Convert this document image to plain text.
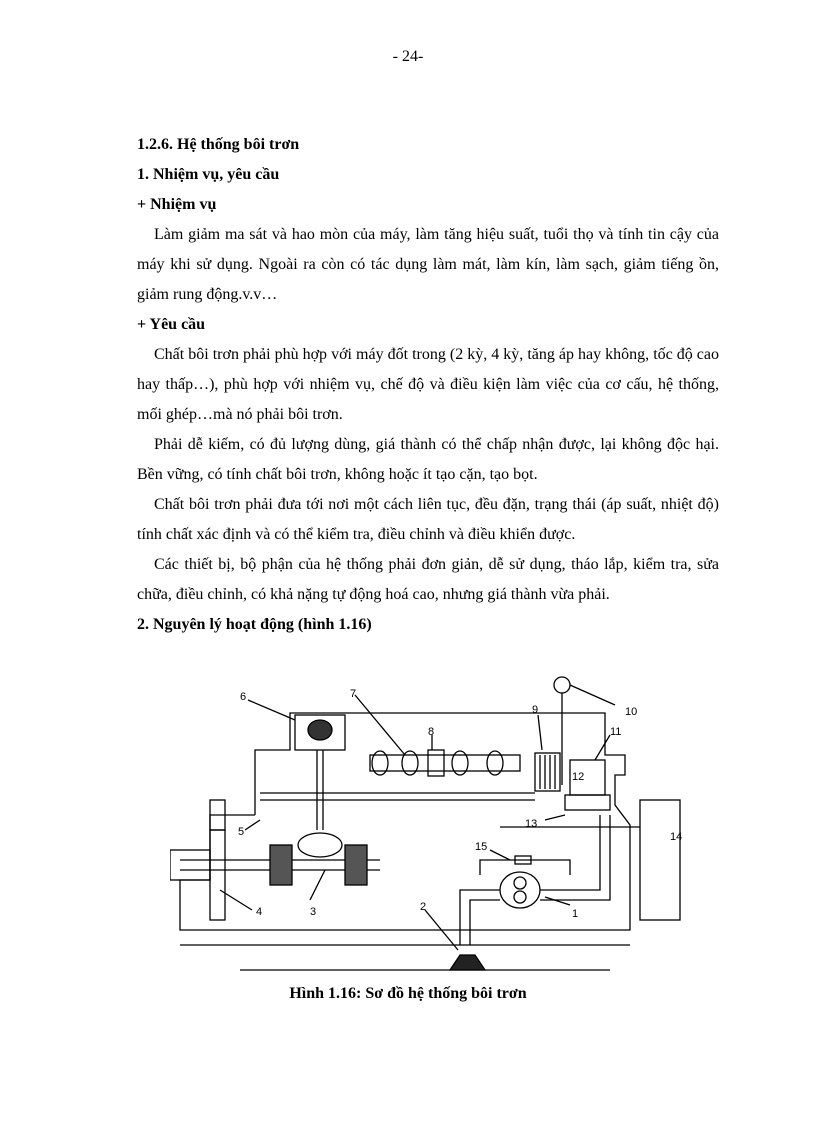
- 24-

1.2.6. Hệ thống bôi trơn

1. Nhiệm vụ, yêu cầu

+ Nhiệm vụ

Làm giảm ma sát và hao mòn của máy, làm tăng hiệu suất, tuổi thọ và tính tin cậy của máy khi sử dụng. Ngoài ra còn có tác dụng làm mát, làm kín, làm sạch, giảm tiếng ồn, giảm rung động.v.v…

+ Yêu cầu

Chất bôi trơn phải phù hợp với máy đốt trong (2 kỳ, 4 kỳ, tăng áp hay không, tốc độ cao hay thấp…), phù hợp với nhiệm vụ, chế độ và điều kiện làm việc của cơ cấu, hệ thống, mối ghép…mà nó phải bôi trơn.

Phải dễ kiếm, có đủ lượng dùng, giá thành có thể chấp nhận được, lại không độc hại. Bền vững, có tính chất bôi trơn, không hoặc ít tạo cặn, tạo bọt.

Chất bôi trơn phải đưa tới nơi một cách liên tục, đều đặn, trạng thái (áp suất, nhiệt độ) tính chất xác định và có thể kiểm tra, điều chỉnh và điều khiển được.

Các thiết bị, bộ phận của hệ thống phải đơn giản, dễ sử dụng, tháo lắp, kiểm tra, sửa chữa, điều chỉnh, có khả nặng tự động hoá cao, nhưng giá thành vừa phải.

2. Nguyên lý hoạt động (hình 1.16)

6	7
8
9	10
11
12
13
14
15
1
2
3
4
5
Hình 1.16: Sơ đồ hệ thống bôi trơn
